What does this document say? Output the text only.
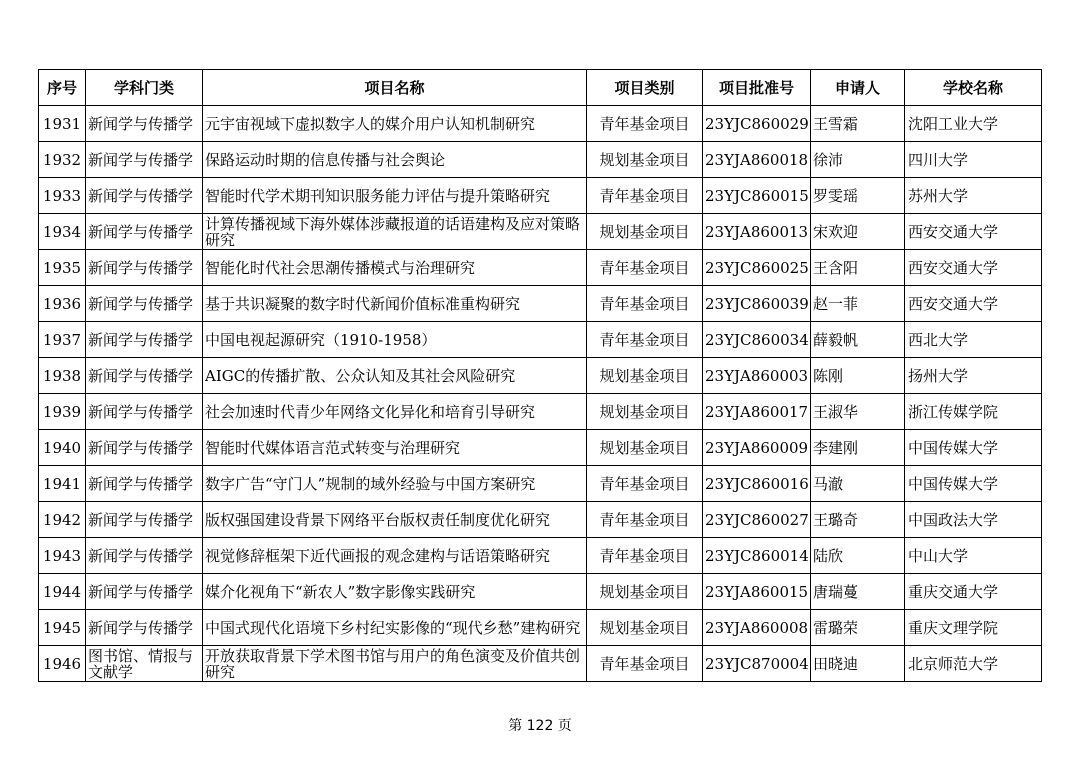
序号	学科门类	项目名称	项目类别	项目批准号	申请人	学校名称
1931	新闻学与传播学	元宇宙视域下虚拟数字人的媒介用户认知机制研究	青年基金项目	23YJC860029	王雪霜	沈阳工业大学
1932	新闻学与传播学	保路运动时期的信息传播与社会舆论	规划基金项目	23YJA860018	徐沛	四川大学
1933	新闻学与传播学	智能时代学术期刊知识服务能力评估与提升策略研究	青年基金项目	23YJC860015	罗雯瑶	苏州大学
1934	新闻学与传播学	计算传播视域下海外媒体涉藏报道的话语建构及应对策略研究	规划基金项目	23YJA860013	宋欢迎	西安交通大学
1935	新闻学与传播学	智能化时代社会思潮传播模式与治理研究	青年基金项目	23YJC860025	王含阳	西安交通大学
1936	新闻学与传播学	基于共识凝聚的数字时代新闻价值标准重构研究	青年基金项目	23YJC860039	赵一菲	西安交通大学
1937	新闻学与传播学	中国电视起源研究（1910-1958）	青年基金项目	23YJC860034	薛毅帆	西北大学
1938	新闻学与传播学	AIGC的传播扩散、公众认知及其社会风险研究	规划基金项目	23YJA860003	陈刚	扬州大学
1939	新闻学与传播学	社会加速时代青少年网络文化异化和培育引导研究	规划基金项目	23YJA860017	王淑华	浙江传媒学院
1940	新闻学与传播学	智能时代媒体语言范式转变与治理研究	规划基金项目	23YJA860009	李建刚	中国传媒大学
1941	新闻学与传播学	数字广告“守门人”规制的域外经验与中国方案研究	青年基金项目	23YJC860016	马澈	中国传媒大学
1942	新闻学与传播学	版权强国建设背景下网络平台版权责任制度优化研究	青年基金项目	23YJC860027	王璐奇	中国政法大学
1943	新闻学与传播学	视觉修辞框架下近代画报的观念建构与话语策略研究	青年基金项目	23YJC860014	陆欣	中山大学
1944	新闻学与传播学	媒介化视角下“新农人”数字影像实践研究	规划基金项目	23YJA860015	唐瑞蔓	重庆交通大学
1945	新闻学与传播学	中国式现代化语境下乡村纪实影像的“现代乡愁”建构研究	规划基金项目	23YJA860008	雷璐荣	重庆文理学院
1946	图书馆、情报与文献学	开放获取背景下学术图书馆与用户的角色演变及价值共创研究	青年基金项目	23YJC870004	田晓迪	北京师范大学
第 122 页
